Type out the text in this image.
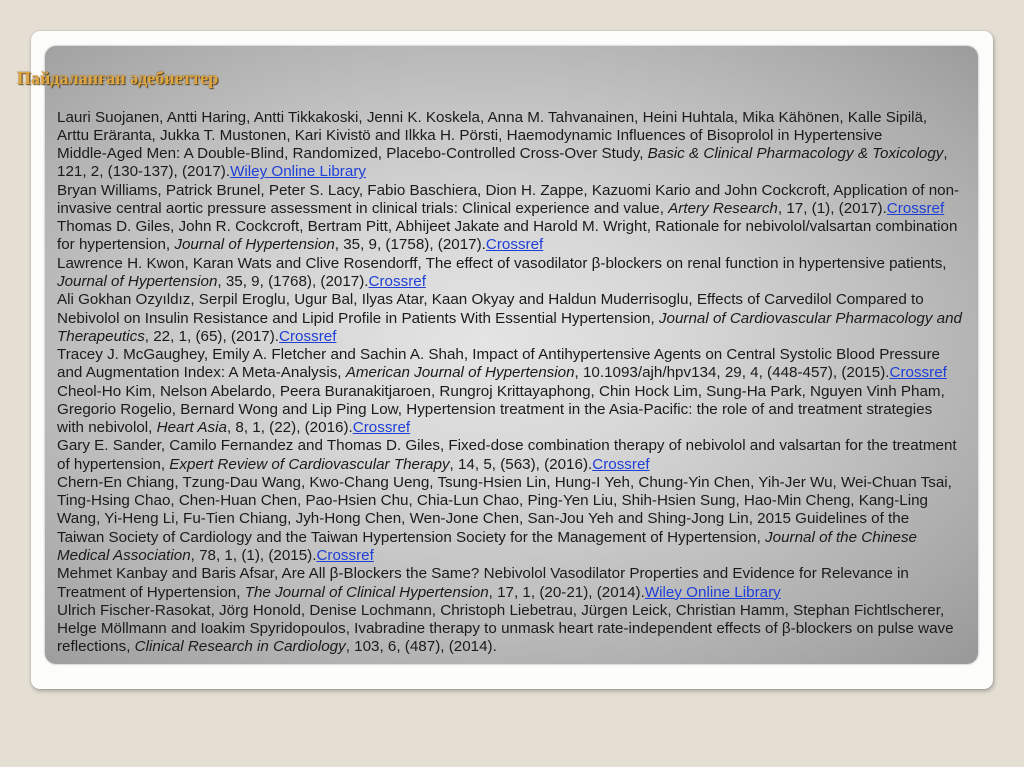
Lauri Suojanen, Antti Haring, Antti Tikkakoski, Jenni K. Koskela, Anna M. Tahvanainen, Heini Huhtala, Mika Kähönen, Kalle Sipilä,
Arttu Eräranta, Jukka T. Mustonen, Kari Kivistö and Ilkka H. Pörsti, Haemodynamic Influences of Bisoprolol in Hypertensive
Middle-Aged Men: A Double-Blind, Randomized, Placebo-Controlled Cross-Over Study, Basic & Clinical Pharmacology & Toxicology,
121, 2, (130-137), (2017).Wiley Online Library
Bryan Williams, Patrick Brunel, Peter S. Lacy, Fabio Baschiera, Dion H. Zappe, Kazuomi Kario and John Cockcroft, Application of non-
invasive central aortic pressure assessment in clinical trials: Clinical experience and value, Artery Research, 17, (1), (2017).Crossref
Thomas D. Giles, John R. Cockcroft, Bertram Pitt, Abhijeet Jakate and Harold M. Wright, Rationale for nebivolol/valsartan combination
for hypertension, Journal of Hypertension, 35, 9, (1758), (2017).Crossref
Lawrence H. Kwon, Karan Wats and Clive Rosendorff, The effect of vasodilator β-blockers on renal function in hypertensive patients,
Journal of Hypertension, 35, 9, (1768), (2017).Crossref
Ali Gokhan Ozyıldız, Serpil Eroglu, Ugur Bal, Ilyas Atar, Kaan Okyay and Haldun Muderrisoglu, Effects of Carvedilol Compared to
Nebivolol on Insulin Resistance and Lipid Profile in Patients With Essential Hypertension, Journal of Cardiovascular Pharmacology and
Therapeutics, 22, 1, (65), (2017).Crossref
Tracey J. McGaughey, Emily A. Fletcher and Sachin A. Shah, Impact of Antihypertensive Agents on Central Systolic Blood Pressure
and Augmentation Index: A Meta-Analysis, American Journal of Hypertension, 10.1093/ajh/hpv134, 29, 4, (448-457), (2015).Crossref
Cheol-Ho Kim, Nelson Abelardo, Peera Buranakitjaroen, Rungroj Krittayaphong, Chin Hock Lim, Sung-Ha Park, Nguyen Vinh Pham,
Gregorio Rogelio, Bernard Wong and Lip Ping Low, Hypertension treatment in the Asia-Pacific: the role of and treatment strategies
with nebivolol, Heart Asia, 8, 1, (22), (2016).Crossref
Gary E. Sander, Camilo Fernandez and Thomas D. Giles, Fixed-dose combination therapy of nebivolol and valsartan for the treatment
of hypertension, Expert Review of Cardiovascular Therapy, 14, 5, (563), (2016).Crossref
Chern-En Chiang, Tzung-Dau Wang, Kwo-Chang Ueng, Tsung-Hsien Lin, Hung-I Yeh, Chung-Yin Chen, Yih-Jer Wu, Wei-Chuan Tsai,
Ting-Hsing Chao, Chen-Huan Chen, Pao-Hsien Chu, Chia-Lun Chao, Ping-Yen Liu, Shih-Hsien Sung, Hao-Min Cheng, Kang-Ling
Wang, Yi-Heng Li, Fu-Tien Chiang, Jyh-Hong Chen, Wen-Jone Chen, San-Jou Yeh and Shing-Jong Lin, 2015 Guidelines of the
Taiwan Society of Cardiology and the Taiwan Hypertension Society for the Management of Hypertension, Journal of the Chinese
Medical Association, 78, 1, (1), (2015).Crossref
Mehmet Kanbay and Baris Afsar, Are All β-Blockers the Same? Nebivolol Vasodilator Properties and Evidence for Relevance in
Treatment of Hypertension, The Journal of Clinical Hypertension, 17, 1, (20-21), (2014).Wiley Online Library
Ulrich Fischer-Rasokat, Jörg Honold, Denise Lochmann, Christoph Liebetrau, Jürgen Leick, Christian Hamm, Stephan Fichtlscherer,
Helge Möllmann and Ioakim Spyridopoulos, Ivabradine therapy to unmask heart rate-independent effects of β-blockers on pulse wave
reflections, Clinical Research in Cardiology, 103, 6, (487), (2014).
Пайдаланған әдебиеттер
